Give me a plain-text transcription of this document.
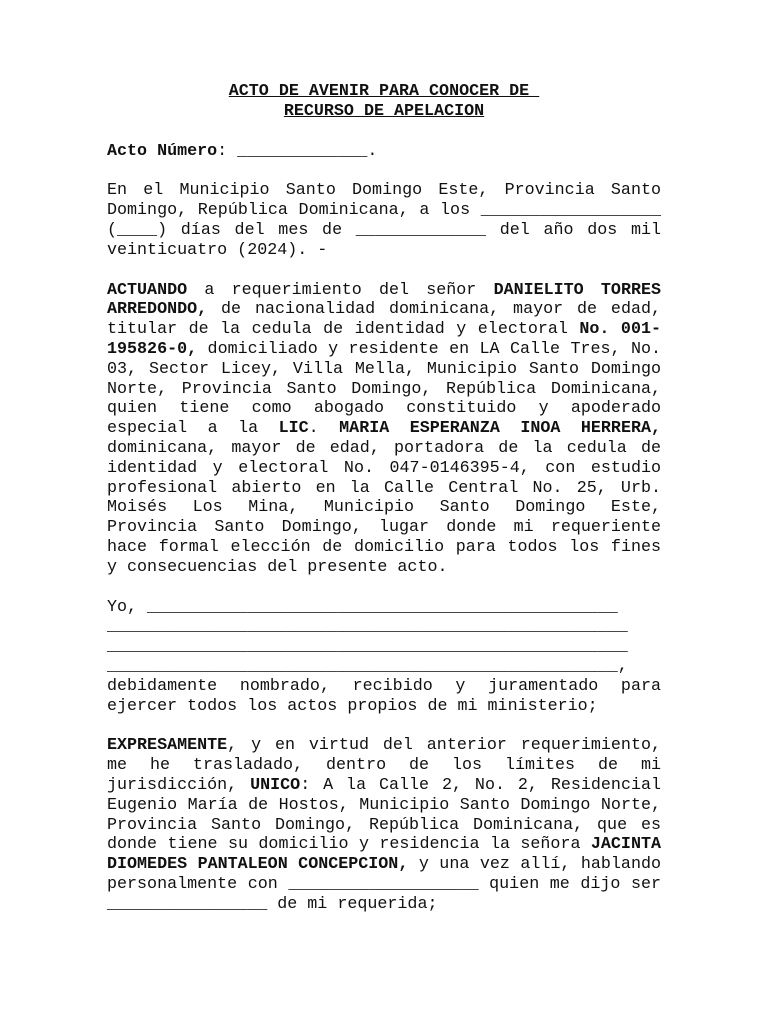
ACTO DE AVENIR PARA CONOCER DE
RECURSO DE APELACION

Acto Número: _____________.

En el Municipio Santo Domingo Este, Provincia Santo Domingo, República Dominicana, a los __________________ (____) días del mes de _____________ del año dos mil veinticuatro (2024). -

ACTUANDO a requerimiento del señor DANIELITO TORRES ARREDONDO, de nacionalidad dominicana, mayor de edad, titular de la cedula de identidad y electoral No. 001-195826-0, domiciliado y residente en LA Calle Tres, No. 03, Sector Licey, Villa Mella, Municipio Santo Domingo Norte, Provincia Santo Domingo, República Dominicana, quien tiene como abogado constituido y apoderado especial a la LIC. MARIA ESPERANZA INOA HERRERA, dominicana, mayor de edad, portadora de la cedula de identidad y electoral No. 047-0146395-4, con estudio profesional abierto en la Calle Central No. 25, Urb. Moisés Los Mina, Municipio Santo Domingo Este, Provincia Santo Domingo, lugar donde mi requeriente hace formal elección de domicilio para todos los fines y consecuencias del presente acto.

Yo, _______________________________________________
____________________________________________________
____________________________________________________
___________________________________________________,

debidamente nombrado, recibido y juramentado para ejercer todos los actos propios de mi ministerio;

EXPRESAMENTE, y en virtud del anterior requerimiento, me he trasladado, dentro de los límites de mi jurisdicción, UNICO: A la Calle 2, No. 2, Residencial Eugenio María de Hostos, Municipio Santo Domingo Norte, Provincia Santo Domingo, República Dominicana, que es donde tiene su domicilio y residencia la señora JACINTA DIOMEDES PANTALEON CONCEPCION, y una vez allí, hablando personalmente con ___________________ quien me dijo ser ________________ de mi requerida;
